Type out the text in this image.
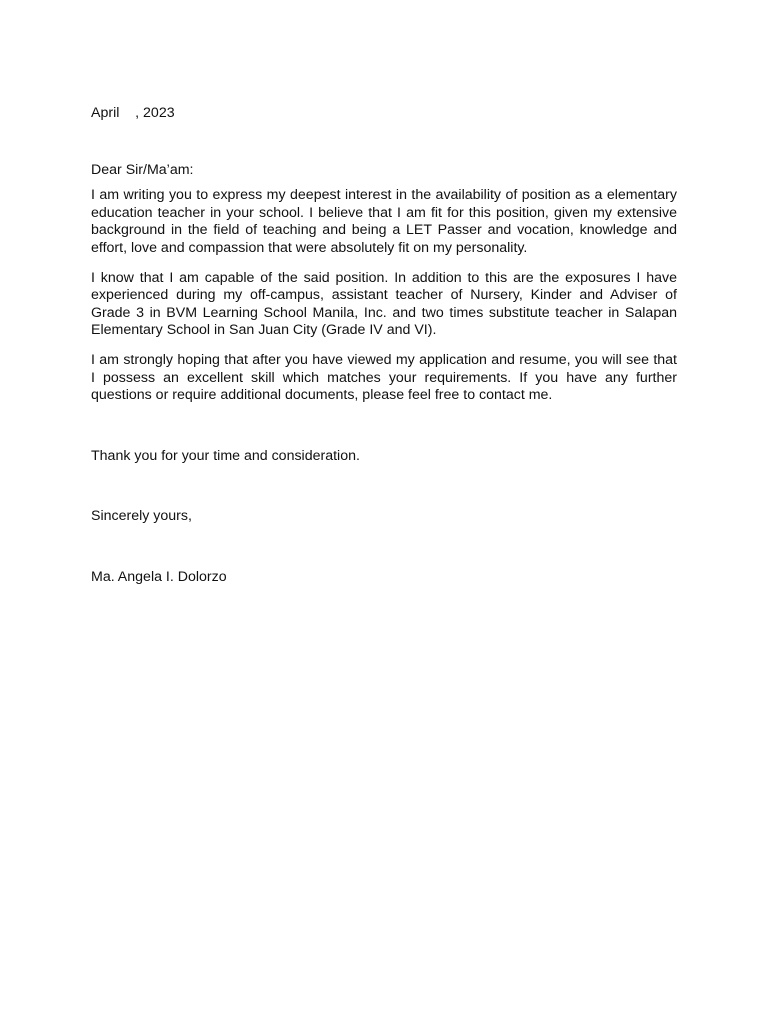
April    , 2023

Dear Sir/Ma’am:

I am writing you to express my deepest interest in the availability of position as a elementary education teacher in your school. I believe that I am fit for this position, given my extensive background in the field of teaching and being a LET Passer and vocation, knowledge and effort, love and compassion that were absolutely fit on my personality.

I know that I am capable of the said position. In addition to this are the exposures I have experienced during my off-campus, assistant teacher of Nursery, Kinder and Adviser of Grade 3 in BVM Learning School Manila, Inc. and two times substitute teacher in Salapan Elementary School in San Juan City (Grade IV and VI).

I am strongly hoping that after you have viewed my application and resume, you will see that I possess an excellent skill which matches your requirements. If you have any further questions or require additional documents, please feel free to contact me.

Thank you for your time and consideration.

Sincerely yours,

Ma. Angela I. Dolorzo
